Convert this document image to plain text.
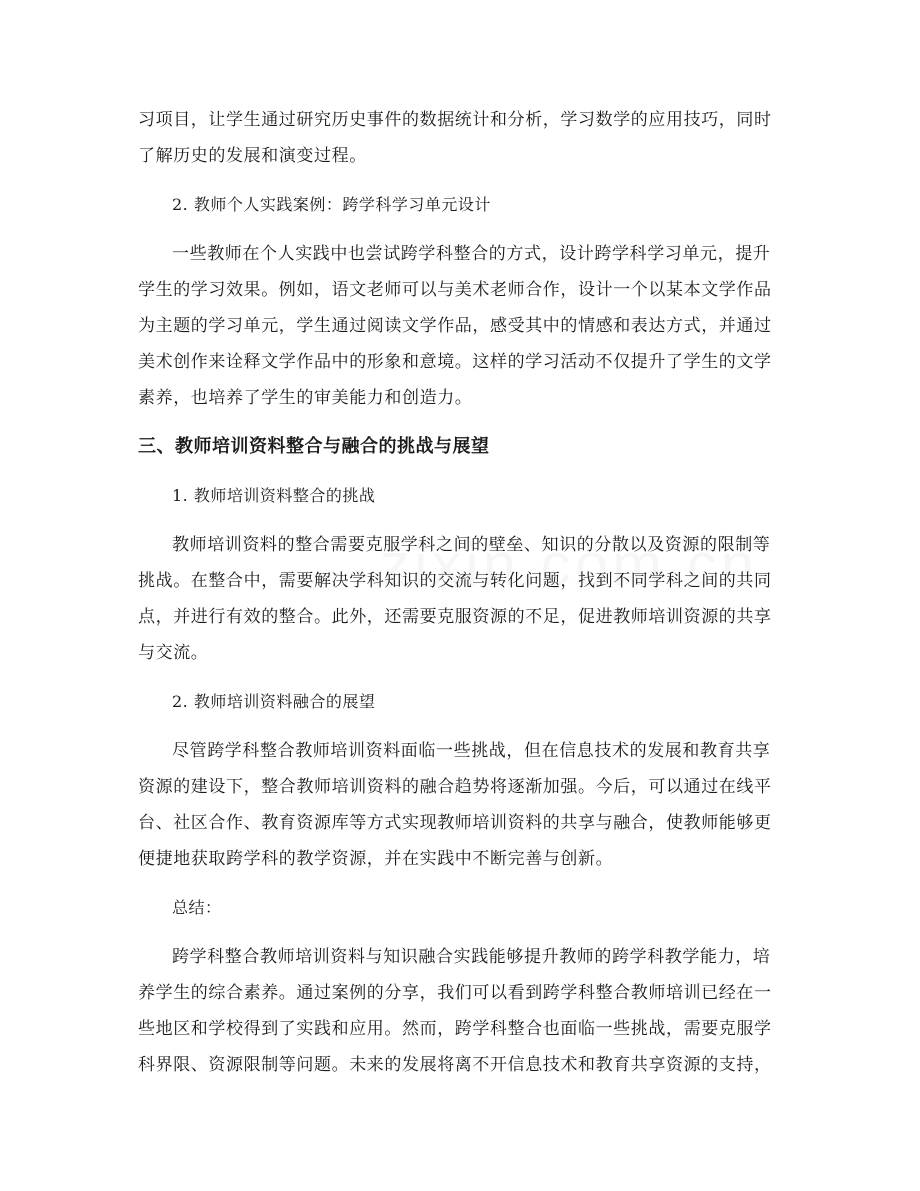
习项目，让学生通过研究历史事件的数据统计和分析，学习数学的应用技巧，同时
了解历史的发展和演变过程。
2. 教师个人实践案例：跨学科学习单元设计
一些教师在个人实践中也尝试跨学科整合的方式，设计跨学科学习单元，提升
学生的学习效果。例如，语文老师可以与美术老师合作，设计一个以某本文学作品
为主题的学习单元，学生通过阅读文学作品，感受其中的情感和表达方式，并通过
美术创作来诠释文学作品中的形象和意境。这样的学习活动不仅提升了学生的文学
素养，也培养了学生的审美能力和创造力。
三、教师培训资料整合与融合的挑战与展望
1. 教师培训资料整合的挑战
教师培训资料的整合需要克服学科之间的壁垒、知识的分散以及资源的限制等
挑战。在整合中，需要解决学科知识的交流与转化问题，找到不同学科之间的共同
点，并进行有效的整合。此外，还需要克服资源的不足，促进教师培训资源的共享
与交流。
2. 教师培训资料融合的展望
尽管跨学科整合教师培训资料面临一些挑战，但在信息技术的发展和教育共享
资源的建设下，整合教师培训资料的融合趋势将逐渐加强。今后，可以通过在线平
台、社区合作、教育资源库等方式实现教师培训资料的共享与融合，使教师能够更
便捷地获取跨学科的教学资源，并在实践中不断完善与创新。
总结：
跨学科整合教师培训资料与知识融合实践能够提升教师的跨学科教学能力，培
养学生的综合素养。通过案例的分享，我们可以看到跨学科整合教师培训已经在一
些地区和学校得到了实践和应用。然而，跨学科整合也面临一些挑战，需要克服学
科界限、资源限制等问题。未来的发展将离不开信息技术和教育共享资源的支持，
